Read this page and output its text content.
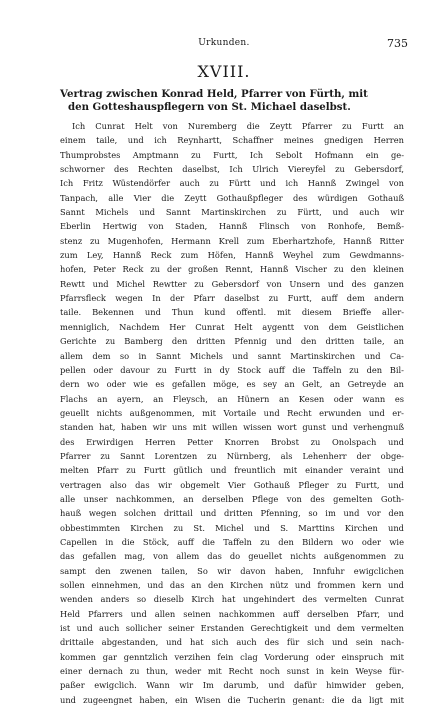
Urkunden.	735
XVIII.
Vertrag zwischen Konrad Held, Pfarrer von Fürth, mit
den Gotteshauspflegern von St. Michael daselbst.
Ich Cunrat Helt von Nuremberg die Zeytt Pfarrer zu Furtt an
einem taile, und ich Reynhartt, Schaffner meines gnedigen Herren
Thumprobstes Amptmann zu Furtt, Ich Sebolt Hofmann ein ge-
schworner des Rechten daselbst, Ich Ulrich Viereyfel zu Gebersdorf,
Ich Fritz Wüstendörfer auch zu Fürtt und ich Hannß Zwingel von
Tanpach, alle Vier die Zeytt Gothaußpfleger des würdigen Gothauß
Sannt Michels und Sannt Martinskirchen zu Fürtt, und auch wir
Eberlin Hertwig von Staden, Hannß Flinsch von Ronhofe, Bemß-
stenz zu Mugenhofen, Hermann Krell zum Eberhartzhofe, Hannß Ritter
zum Ley, Hannß Reck zum Höfen, Hannß Weyhel zum Gewdmanns-
hofen, Peter Reck zu der großen Rennt, Hannß Vischer zu den kleinen
Rewtt und Michel Rewtter zu Gebersdorf von Unsern und des ganzen
Pfarrsfleck wegen In der Pfarr daselbst zu Furtt, auff dem andern
taile. Bekennen und Thun kund offentl. mit diesem Brieffe aller-
menniglich, Nachdem Her Cunrat Helt aygentt von dem Geistlichen
Gerichte zu Bamberg den dritten Pfennig und den dritten taile, an
allem dem so in Sannt Michels und sannt Martinskirchen und Ca-
pellen oder davour zu Furtt in dy Stock auff die Taffeln zu den Bil-
dern wo oder wie es gefallen möge, es sey an Gelt, an Getreyde an
Flachs an ayern, an Fleysch, an Hünern an Kesen oder wann es
geuellt nichts außgenommen, mit Vortaile und Recht erwunden und er-
standen hat, haben wir uns mit willen wissen wort gunst und verhengnuß
des Erwirdigen Herren Petter Knorren Brobst zu Onolspach und
Pfarrer zu Sannt Lorentzen zu Nürnberg, als Lehenherr der obge-
melten Pfarr zu Furtt gütlich und freuntlich mit einander veraint und
vertragen also das wir obgemelt Vier Gothauß Pfleger zu Furtt, und
alle unser nachkommen, an derselben Pflege von des gemelten Goth-
hauß wegen solchen drittail und dritten Pfenning, so im und vor den
obbestimmten Kirchen zu St. Michel und S. Marttins Kirchen und
Capellen in die Stöck, auff die Taffeln zu den Bildern wo oder wie
das gefallen mag, von allem das do geuellet nichts außgenommen zu
sampt den zwenen tailen, So wir davon haben, Innfuhr ewigclichen
sollen einnehmen, und das an den Kirchen nütz und frommen kern und
wenden anders so dieselb Kirch hat ungehindert des vermelten Cunrat
Held Pfarrers und allen seinen nachkommen auff derselben Pfarr, und
ist und auch sollicher seiner Erstanden Gerechtigkeit und dem vermelten
drittaile abgestanden, und hat sich auch des für sich und sein nach-
kommen gar genntzlich verzihen fein clag Vorderung oder einspruch mit
einer dernach zu thun, weder mit Recht noch sunst in kein Weyse für-
paßer ewigclich. Wann wir Im darumb, und dafür himwider geben,
und zugeengnet haben, ein Wisen die Tucherin genant: die da ligt mit
